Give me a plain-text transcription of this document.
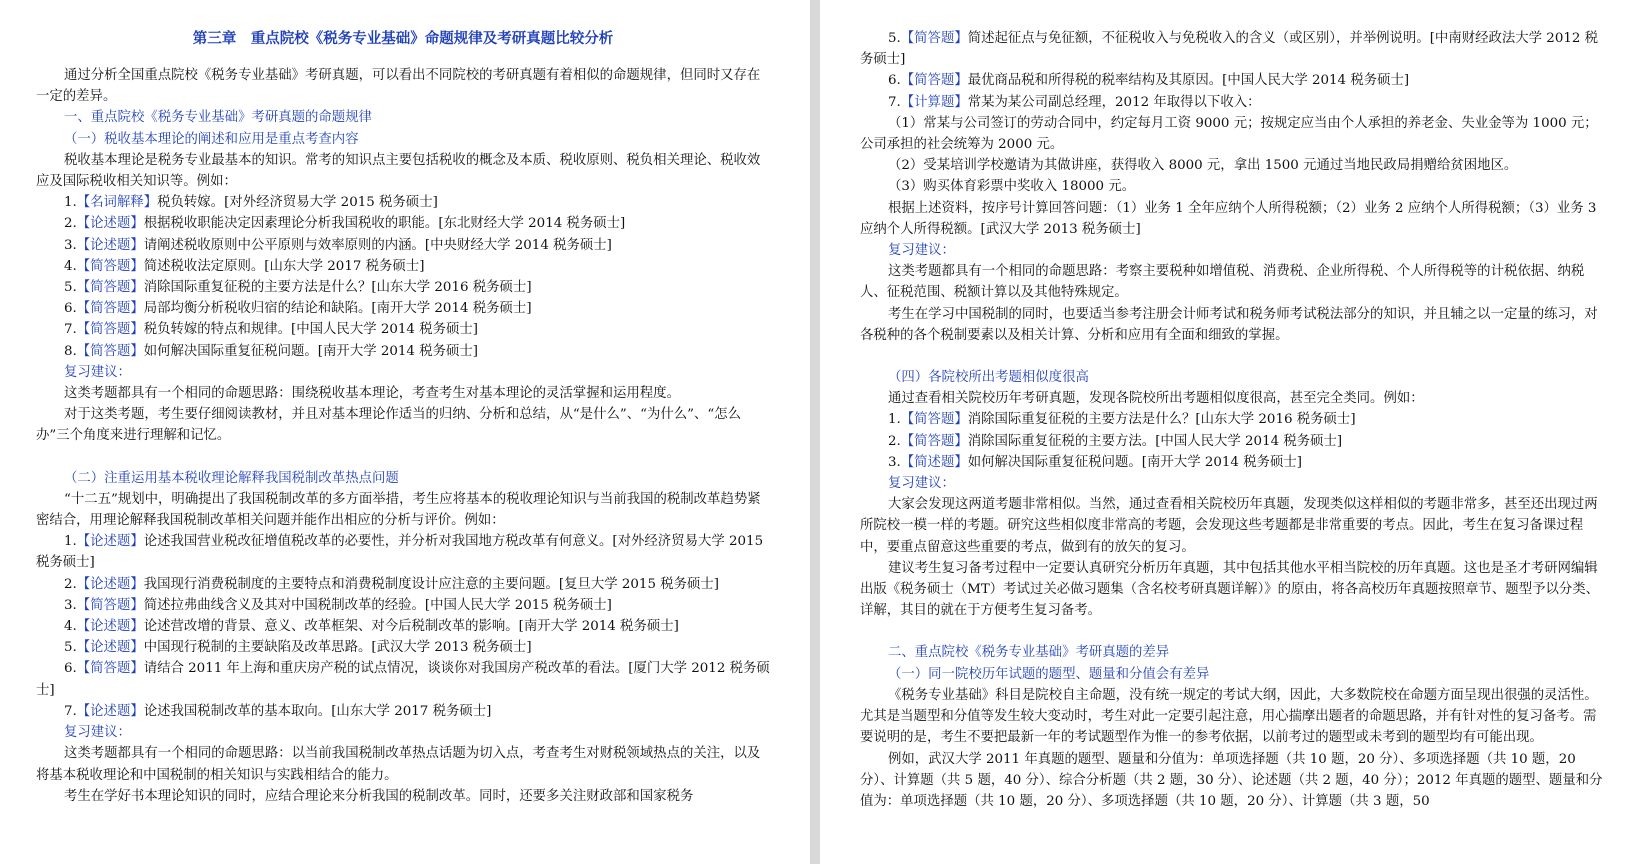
第三章　重点院校《税务专业基础》命题规律及考研真题比较分析

通过分析全国重点院校《税务专业基础》考研真题，可以看出不同院校的考研真题有着相似的命题规律，但同时又存在一定的差异。

一、重点院校《税务专业基础》考研真题的命题规律

（一）税收基本理论的阐述和应用是重点考查内容

税收基本理论是税务专业最基本的知识。常考的知识点主要包括税收的概念及本质、税收原则、税负相关理论、税收效应及国际税收相关知识等。例如：

1.【名词解释】税负转嫁。[对外经济贸易大学 2015 税务硕士]

2.【论述题】根据税收职能决定因素理论分析我国税收的职能。[东北财经大学 2014 税务硕士]

3.【论述题】请阐述税收原则中公平原则与效率原则的内涵。[中央财经大学 2014 税务硕士]

4.【简答题】简述税收法定原则。[山东大学 2017 税务硕士]

5.【简答题】消除国际重复征税的主要方法是什么？[山东大学 2016 税务硕士]

6.【简答题】局部均衡分析税收归宿的结论和缺陷。[南开大学 2014 税务硕士]

7.【简答题】税负转嫁的特点和规律。[中国人民大学 2014 税务硕士]

8.【简答题】如何解决国际重复征税问题。[南开大学 2014 税务硕士]

复习建议：

这类考题都具有一个相同的命题思路：围绕税收基本理论，考查考生对基本理论的灵活掌握和运用程度。

对于这类考题，考生要仔细阅读教材，并且对基本理论作适当的归纳、分析和总结，从“是什么”、“为什么”、“怎么办”三个角度来进行理解和记忆。

（二）注重运用基本税收理论解释我国税制改革热点问题

“十二五”规划中，明确提出了我国税制改革的多方面举措，考生应将基本的税收理论知识与当前我国的税制改革趋势紧密结合，用理论解释我国税制改革相关问题并能作出相应的分析与评价。例如：

1.【论述题】论述我国营业税改征增值税改革的必要性，并分析对我国地方税改革有何意义。[对外经济贸易大学 2015 税务硕士]

2.【论述题】我国现行消费税制度的主要特点和消费税制度设计应注意的主要问题。[复旦大学 2015 税务硕士]

3.【简答题】简述拉弗曲线含义及其对中国税制改革的经验。[中国人民大学 2015 税务硕士]

4.【论述题】论述营改增的背景、意义、改革框架、对今后税制改革的影响。[南开大学 2014 税务硕士]

5.【论述题】中国现行税制的主要缺陷及改革思路。[武汉大学 2013 税务硕士]

6.【简答题】请结合 2011 年上海和重庆房产税的试点情况，谈谈你对我国房产税改革的看法。[厦门大学 2012 税务硕士]

7.【论述题】论述我国税制改革的基本取向。[山东大学 2017 税务硕士]

复习建议：

这类考题都具有一个相同的命题思路：以当前我国税制改革热点话题为切入点，考查考生对财税领域热点的关注，以及将基本税收理论和中国税制的相关知识与实践相结合的能力。

考生在学好书本理论知识的同时，应结合理论来分析我国的税制改革。同时，还要多关注财政部和国家税务

5.【简答题】简述起征点与免征额，不征税收入与免税收入的含义（或区别），并举例说明。[中南财经政法大学 2012 税务硕士]

6.【简答题】最优商品税和所得税的税率结构及其原因。[中国人民大学 2014 税务硕士]

7.【计算题】常某为某公司副总经理，2012 年取得以下收入：

（1）常某与公司签订的劳动合同中，约定每月工资 9000 元；按规定应当由个人承担的养老金、失业金等为 1000 元；公司承担的社会统筹为 2000 元。

（2）受某培训学校邀请为其做讲座，获得收入 8000 元，拿出 1500 元通过当地民政局捐赠给贫困地区。

（3）购买体育彩票中奖收入 18000 元。

根据上述资料，按序号计算回答问题：（1）业务 1 全年应纳个人所得税额；（2）业务 2 应纳个人所得税额；（3）业务 3 应纳个人所得税额。[武汉大学 2013 税务硕士]

复习建议：

这类考题都具有一个相同的命题思路：考察主要税种如增值税、消费税、企业所得税、个人所得税等的计税依据、纳税人、征税范围、税额计算以及其他特殊规定。

考生在学习中国税制的同时，也要适当参考注册会计师考试和税务师考试税法部分的知识，并且辅之以一定量的练习，对各税种的各个税制要素以及相关计算、分析和应用有全面和细致的掌握。

（四）各院校所出考题相似度很高

通过查看相关院校历年考研真题，发现各院校所出考题相似度很高，甚至完全类同。例如：

1.【简答题】消除国际重复征税的主要方法是什么？[山东大学 2016 税务硕士]

2.【简答题】消除国际重复征税的主要方法。[中国人民大学 2014 税务硕士]

3.【简述题】如何解决国际重复征税问题。[南开大学 2014 税务硕士]

复习建议：

大家会发现这两道考题非常相似。当然，通过查看相关院校历年真题，发现类似这样相似的考题非常多，甚至还出现过两所院校一模一样的考题。研究这些相似度非常高的考题，会发现这些考题都是非常重要的考点。因此，考生在复习备课过程中，要重点留意这些重要的考点，做到有的放矢的复习。

建议考生复习备考过程中一定要认真研究分析历年真题，其中包括其他水平相当院校的历年真题。这也是圣才考研网编辑出版《税务硕士（MT）考试过关必做习题集（含名校考研真题详解）》的原由，将各高校历年真题按照章节、题型予以分类、详解，其目的就在于方便考生复习备考。

二、重点院校《税务专业基础》考研真题的差异

（一）同一院校历年试题的题型、题量和分值会有差异

《税务专业基础》科目是院校自主命题，没有统一规定的考试大纲，因此，大多数院校在命题方面呈现出很强的灵活性。尤其是当题型和分值等发生较大变动时，考生对此一定要引起注意，用心揣摩出题者的命题思路，并有针对性的复习备考。需要说明的是，考生不要把最新一年的考试题型作为惟一的参考依据，以前考过的题型或未考到的题型均有可能出现。

例如，武汉大学 2011 年真题的题型、题量和分值为：单项选择题（共 10 题，20 分）、多项选择题（共 10 题，20 分）、计算题（共 5 题，40 分）、综合分析题（共 2 题，30 分）、论述题（共 2 题，40 分）；2012 年真题的题型、题量和分值为：单项选择题（共 10 题，20 分）、多项选择题（共 10 题，20 分）、计算题（共 3 题，50
